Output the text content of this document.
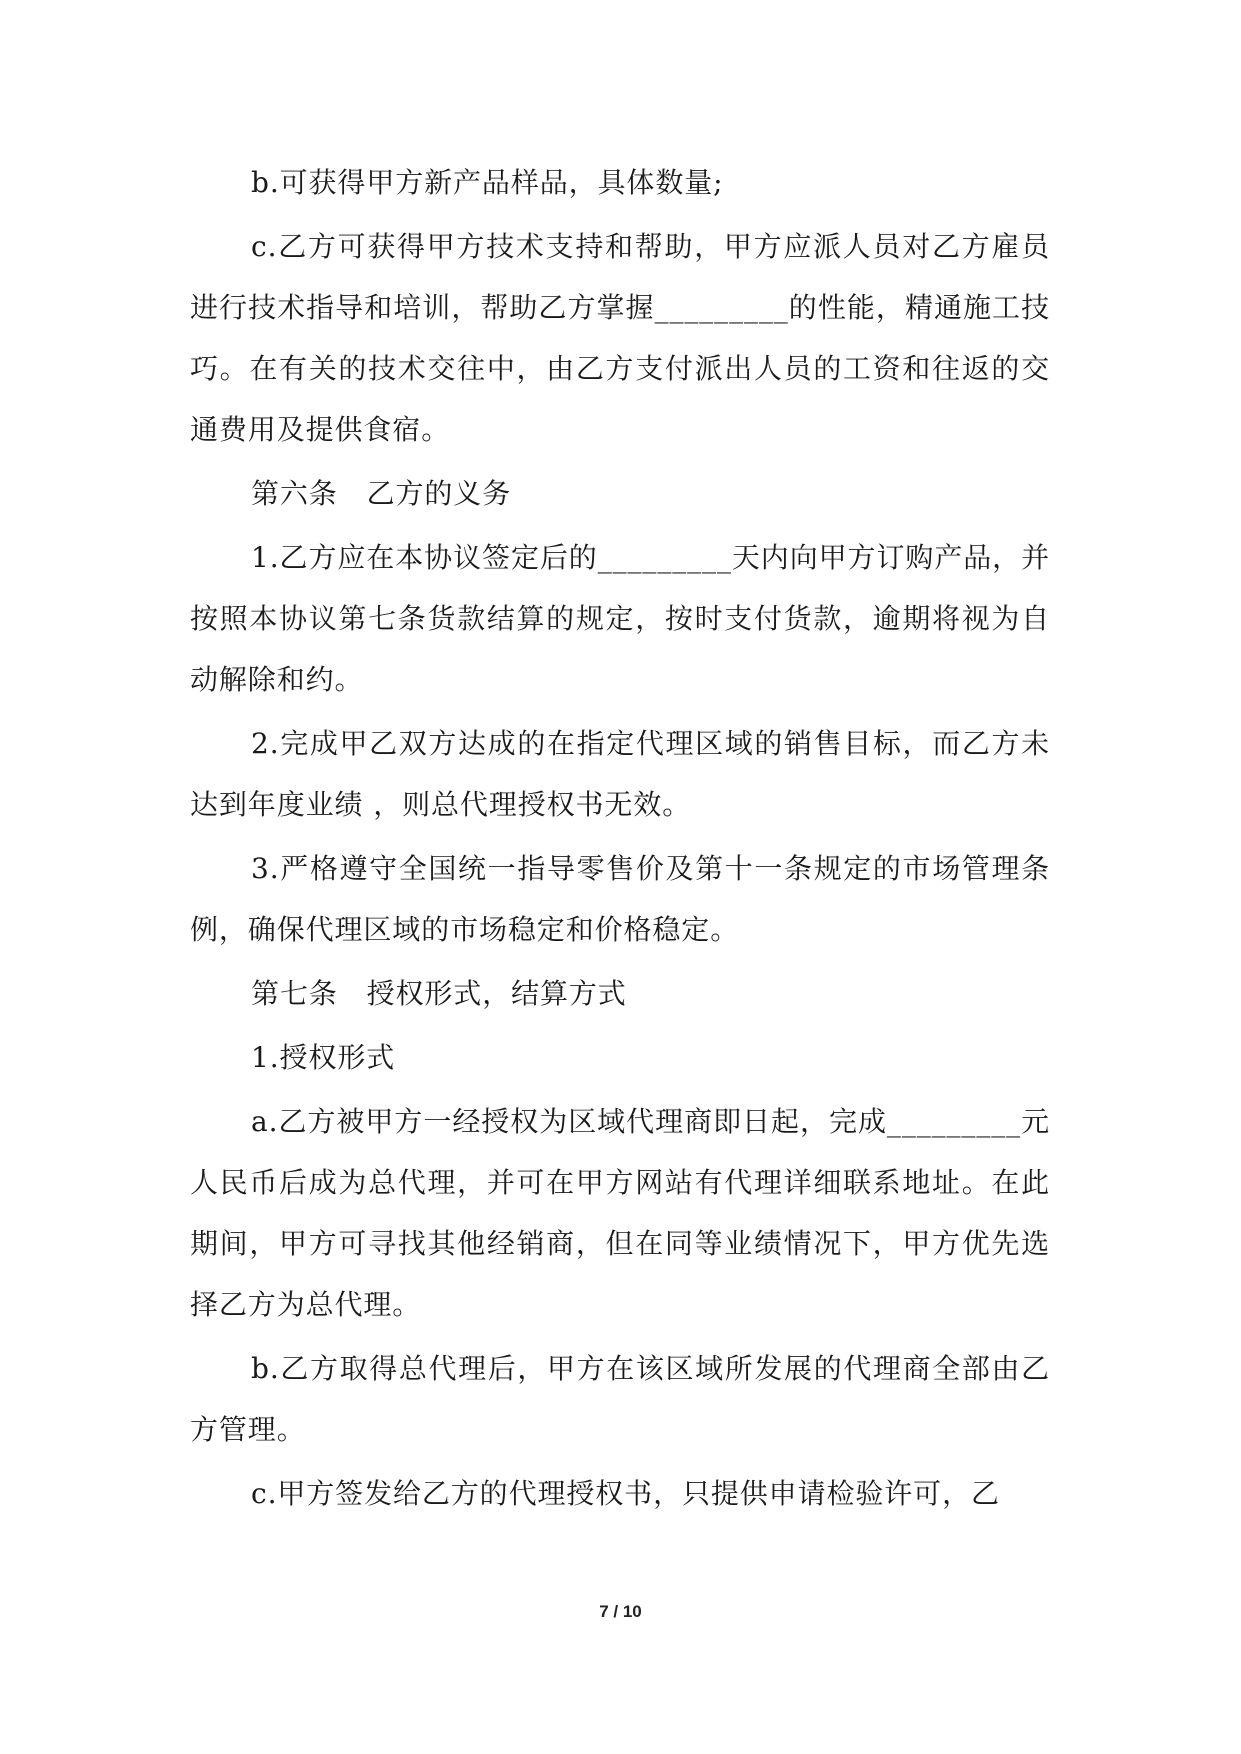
b.可获得甲方新产品样品，具体数量;

c.乙方可获得甲方技术支持和帮助，甲方应派人员对乙方雇员进行技术指导和培训，帮助乙方掌握_________的性能，精通施工技巧。在有关的技术交往中，由乙方支付派出人员的工资和往返的交通费用及提供食宿。

第六条　乙方的义务

1.乙方应在本协议签定后的_________天内向甲方订购产品，并按照本协议第七条货款结算的规定，按时支付货款，逾期将视为自动解除和约。

2.完成甲乙双方达成的在指定代理区域的销售目标，而乙方未达到年度业绩 ，则总代理授权书无效。

3.严格遵守全国统一指导零售价及第十一条规定的市场管理条例，确保代理区域的市场稳定和价格稳定。

第七条　授权形式，结算方式

1.授权形式

a.乙方被甲方一经授权为区域代理商即日起，完成_________元人民币后成为总代理，并可在甲方网站有代理详细联系地址。在此期间，甲方可寻找其他经销商，但在同等业绩情况下，甲方优先选择乙方为总代理。

b.乙方取得总代理后，甲方在该区域所发展的代理商全部由乙方管理。

c.甲方签发给乙方的代理授权书，只提供申请检验许可，乙

7 / 10
